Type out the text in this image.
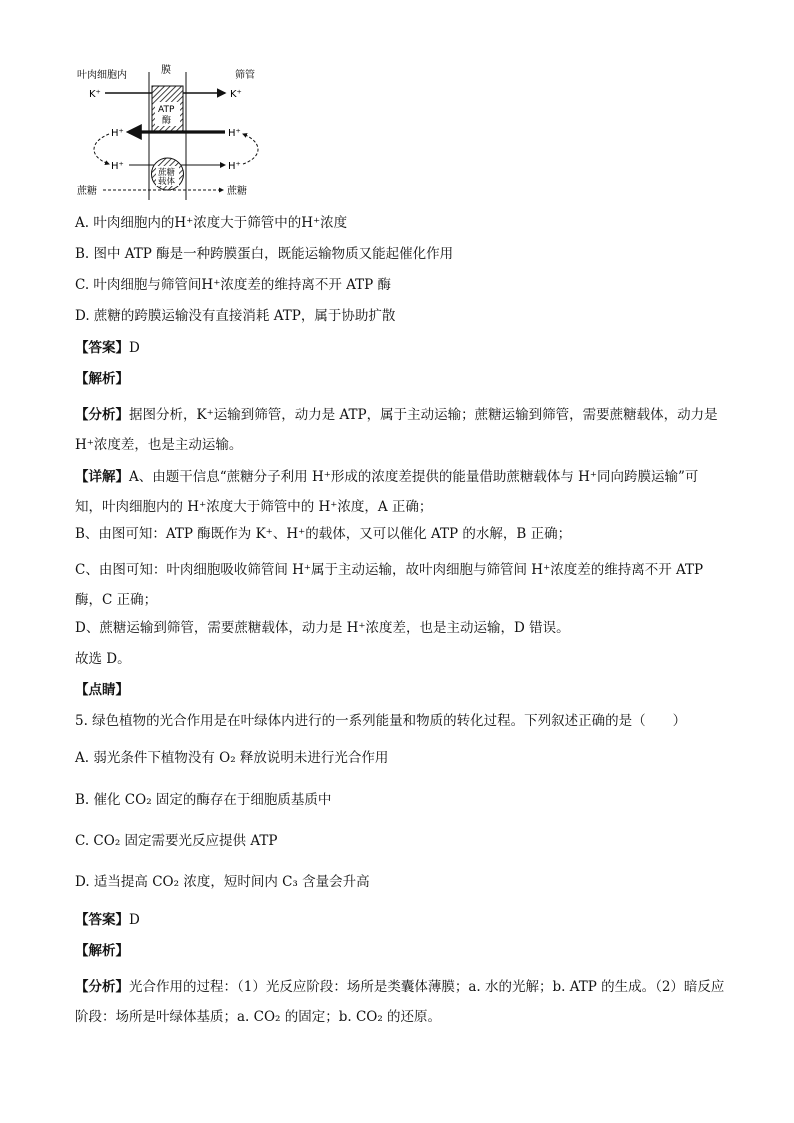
叶肉细胞内	膜	筛管
K⁺	K⁺
ATP
酶
H⁺	H⁺
H⁺	H⁺
蔗糖
载体
蔗糖	蔗糖
A. 叶肉细胞内的H⁺浓度大于筛管中的H⁺浓度
B. 图中 ATP 酶是一种跨膜蛋白，既能运输物质又能起催化作用
C. 叶肉细胞与筛管间H⁺浓度差的维持离不开 ATP 酶
D. 蔗糖的跨膜运输没有直接消耗 ATP，属于协助扩散
【答案】D
【解析】
【分析】据图分析，K⁺运输到筛管，动力是 ATP，属于主动运输；蔗糖运输到筛管，需要蔗糖载体，动力是 H⁺浓度差，也是主动运输。
【详解】A、由题干信息“蔗糖分子利用 H⁺形成的浓度差提供的能量借助蔗糖载体与 H⁺同向跨膜运输”可知，叶肉细胞内的 H⁺浓度大于筛管中的 H⁺浓度，A 正确；
B、由图可知：ATP 酶既作为 K⁺、H⁺的载体，又可以催化 ATP 的水解，B 正确；
C、由图可知：叶肉细胞吸收筛管间 H⁺属于主动运输，故叶肉细胞与筛管间 H⁺浓度差的维持离不开 ATP 酶，C 正确；
D、蔗糖运输到筛管，需要蔗糖载体，动力是 H⁺浓度差，也是主动运输，D 错误。
故选 D。
【点睛】
5. 绿色植物的光合作用是在叶绿体内进行的一系列能量和物质的转化过程。下列叙述正确的是（　　）
A. 弱光条件下植物没有 O₂ 释放说明未进行光合作用
B. 催化 CO₂ 固定的酶存在于细胞质基质中
C. CO₂ 固定需要光反应提供 ATP
D. 适当提高 CO₂ 浓度，短时间内 C₃ 含量会升高
【答案】D
【解析】
【分析】光合作用的过程：（1）光反应阶段：场所是类囊体薄膜；a. 水的光解；b. ATP 的生成。（2）暗反应阶段：场所是叶绿体基质；a. CO₂ 的固定；b. CO₂ 的还原。
